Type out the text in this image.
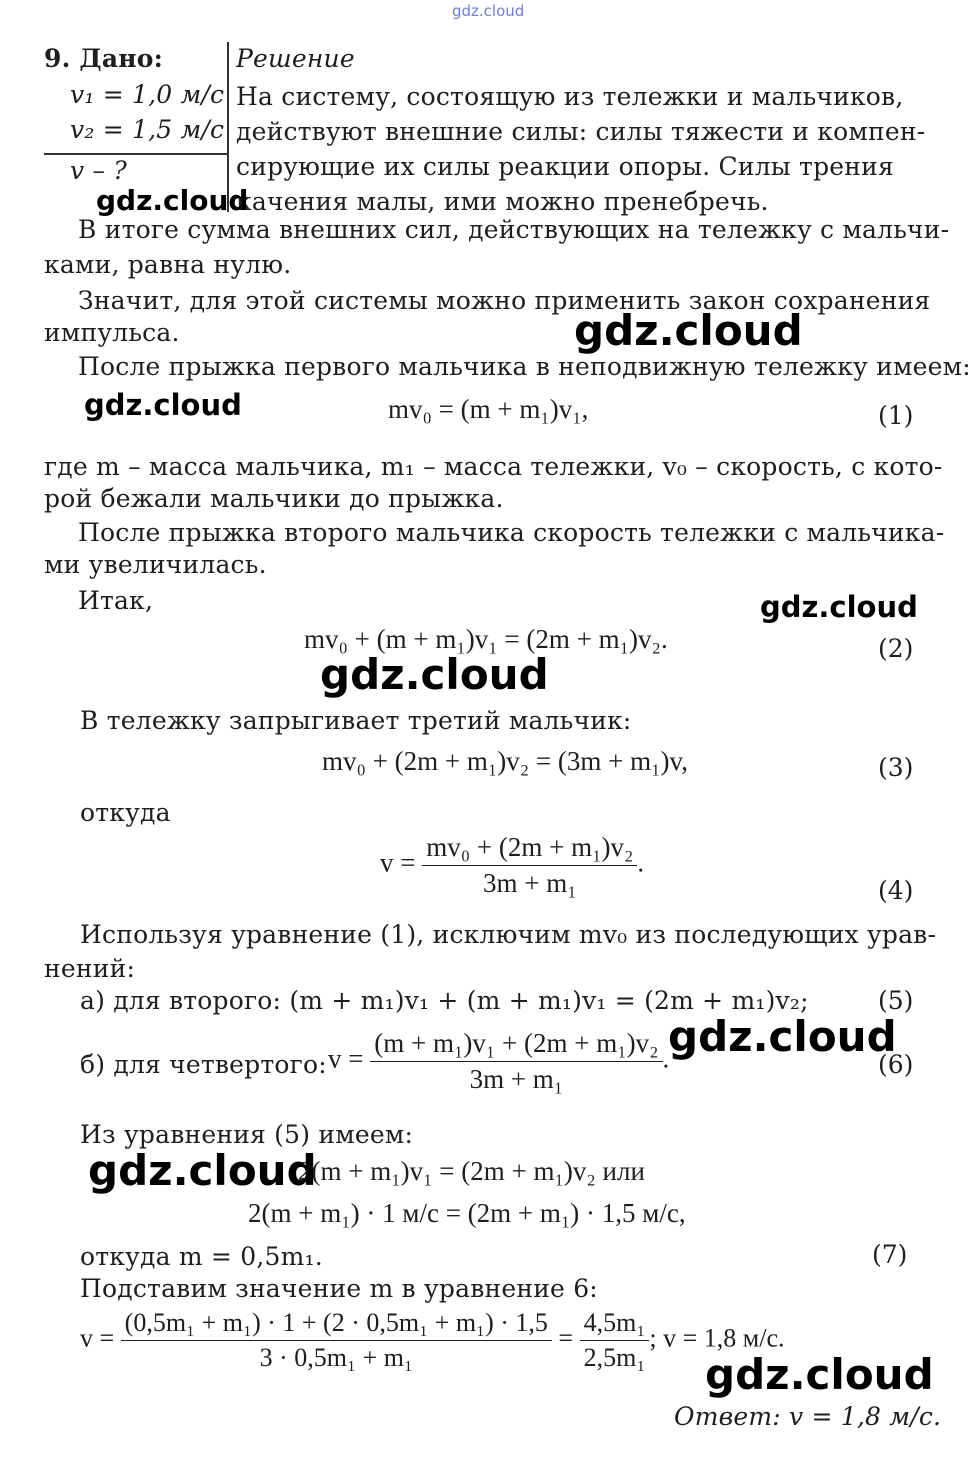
gdz.cloud
9. Дано:
v₁ = 1,0 м/с
v₂ = 1,5 м/с
v – ?
Решение
На систему, состоящую из тележки и мальчиков,
действуют внешние силы: силы тяжести и компен-
сирующие их силы реакции опоры. Силы трения
качения малы, ими можно пренебречь.
В итоге сумма внешних сил, действующих на тележку с мальчи-
ками, равна нулю.
Значит, для этой системы можно применить закон сохранения
импульса.
После прыжка первого мальчика в неподвижную тележку имеем:
mv₀ = (m + m₁)v₁,	(1)
где m – масса мальчика, m₁ – масса тележки, v₀ – скорость, с кото-
рой бежали мальчики до прыжка.
После прыжка второго мальчика скорость тележки с мальчика-
ми увеличилась.
Итак,
mv₀ + (m + m₁)v₁ = (2m + m₁)v₂.	(2)
В тележку запрыгивает третий мальчик:
mv₀ + (2m + m₁)v₂ = (3m + m₁)v,	(3)
откуда
$v = \frac{\text{mv₀ + (2m + m₁)v₂}}{\text{3m + m₁}}$ .
(4)
Используя уравнение (1), исключим mv₀ из последующих урав-
нений:
а) для второго: (m + m₁)v₁ + (m + m₁)v₁ = (2m + m₁)v₂;	(5)
б) для четвертого: $v = \frac{\text{(m + m₁)v₁ + (2m + m₁)v₂}}{\text{3m + m₁}}$ .	(6)
Из уравнения (5) имеем:
2(m + m₁)v₁ = (2m + m₁)v₂ или
2(m + m₁) · 1 м/с = (2m + m₁) · 1,5 м/с,
откуда m = 0,5m₁.	(7)
Подставим значение m в уравнение 6:
$v = \frac{\text{(0,5m₁ + m₁) · 1 + (2 · 0,5m₁ + m₁) · 1,5}}{\text{3 · 0,5m₁ + m₁}} = \frac{\text{4,5m₁}}{\text{2,5m₁}}$ ; v = 1,8 м/с.
Ответ: v = 1,8 м/с.
gdz.cloud
gdz.cloud
gdz.cloud
gdz.cloud
gdz.cloud
gdz.cloud
gdz.cloud
gdz.cloud
